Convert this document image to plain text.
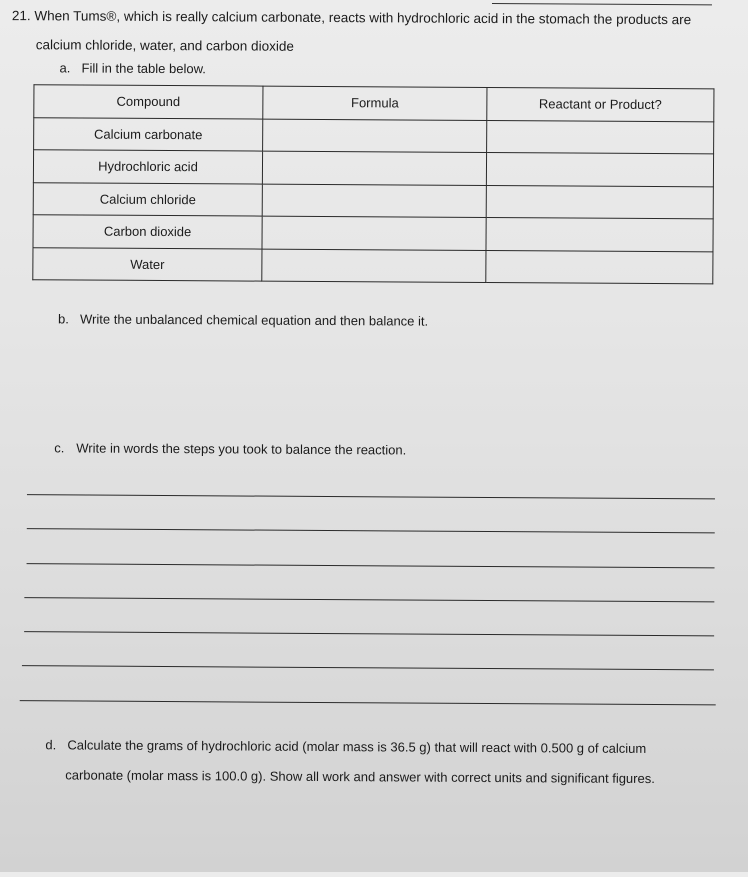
21. When Tums®, which is really calcium carbonate, reacts with hydrochloric acid in the stomach the products are
calcium chloride, water, and carbon dioxide
a. Fill in the table below.
Compound	Formula	Reactant or Product?
Calcium carbonate		
Hydrochloric acid		
Calcium chloride		
Carbon dioxide		
Water		
b. Write the unbalanced chemical equation and then balance it.
c. Write in words the steps you took to balance the reaction.
d. Calculate the grams of hydrochloric acid (molar mass is 36.5 g) that will react with 0.500 g of calcium
carbonate (molar mass is 100.0 g). Show all work and answer with correct units and significant figures.
